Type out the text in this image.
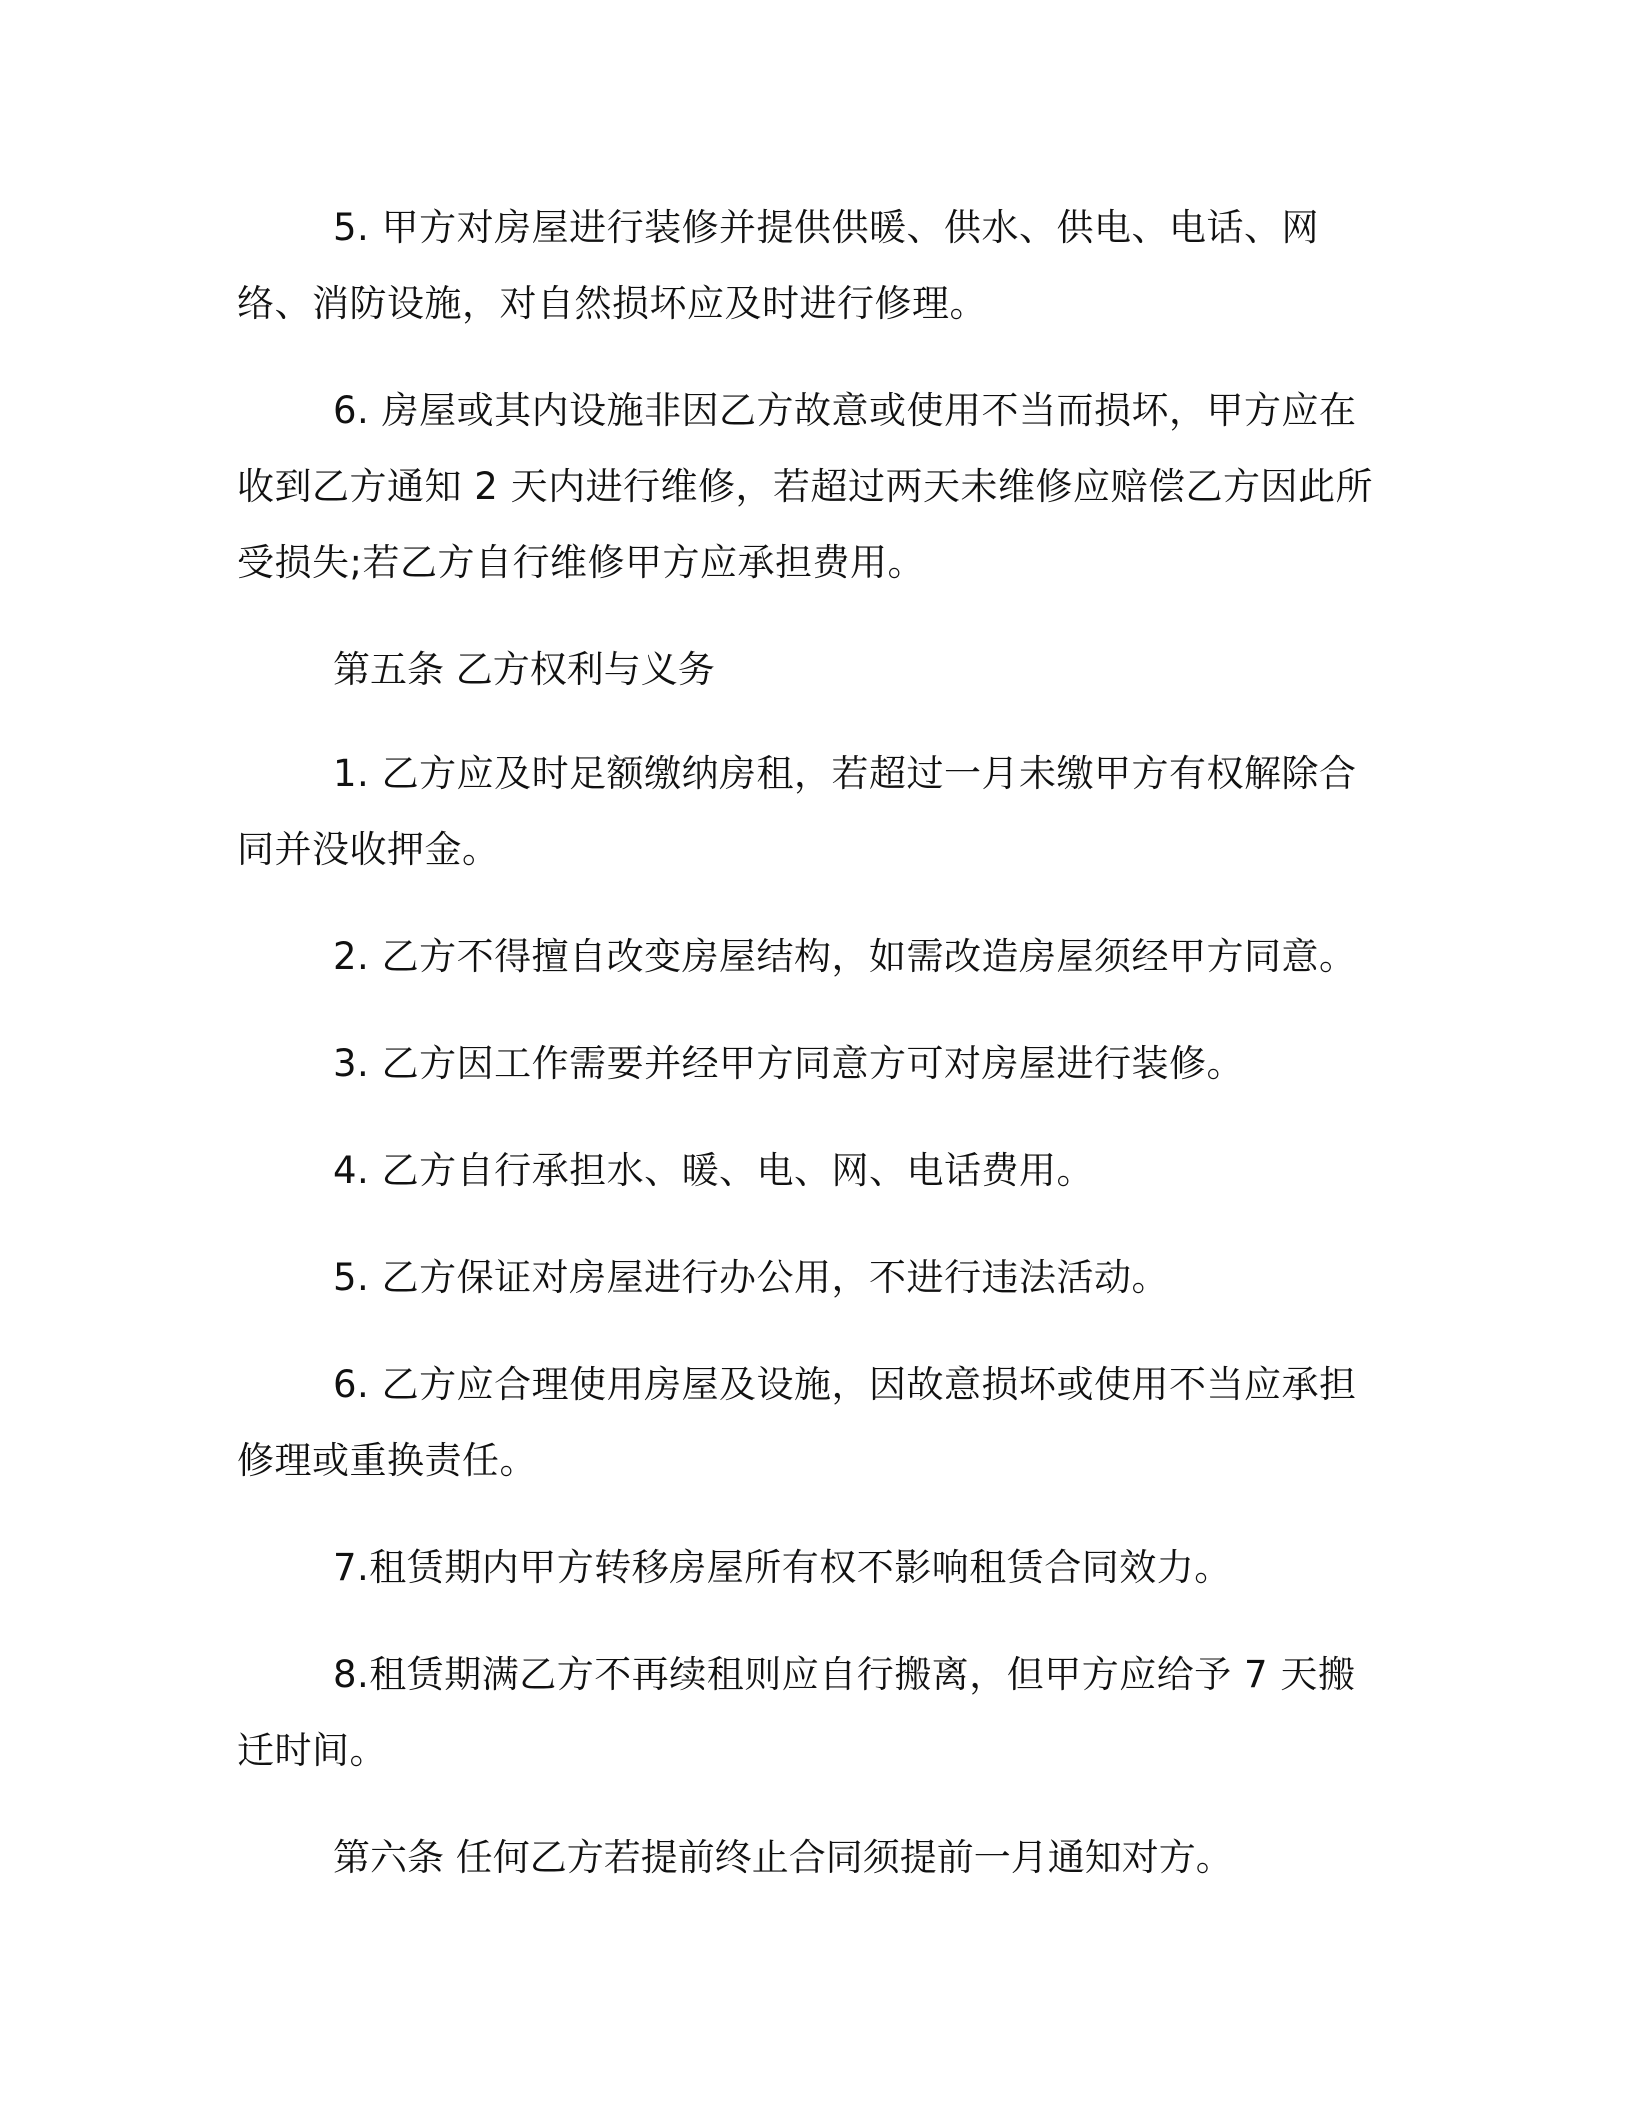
5. 甲方对房屋进行装修并提供供暖、供水、供电、电话、网络、消防设施，对自然损坏应及时进行修理。

6. 房屋或其内设施非因乙方故意或使用不当而损坏，甲方应在收到乙方通知 2 天内进行维修，若超过两天未维修应赔偿乙方因此所受损失;若乙方自行维修甲方应承担费用。

第五条 乙方权利与义务

1. 乙方应及时足额缴纳房租，若超过一月未缴甲方有权解除合同并没收押金。

2. 乙方不得擅自改变房屋结构，如需改造房屋须经甲方同意。

3. 乙方因工作需要并经甲方同意方可对房屋进行装修。

4. 乙方自行承担水、暖、电、网、电话费用。

5. 乙方保证对房屋进行办公用，不进行违法活动。

6. 乙方应合理使用房屋及设施，因故意损坏或使用不当应承担修理或重换责任。

7.租赁期内甲方转移房屋所有权不影响租赁合同效力。

8.租赁期满乙方不再续租则应自行搬离，但甲方应给予 7 天搬迁时间。

第六条 任何乙方若提前终止合同须提前一月通知对方。
